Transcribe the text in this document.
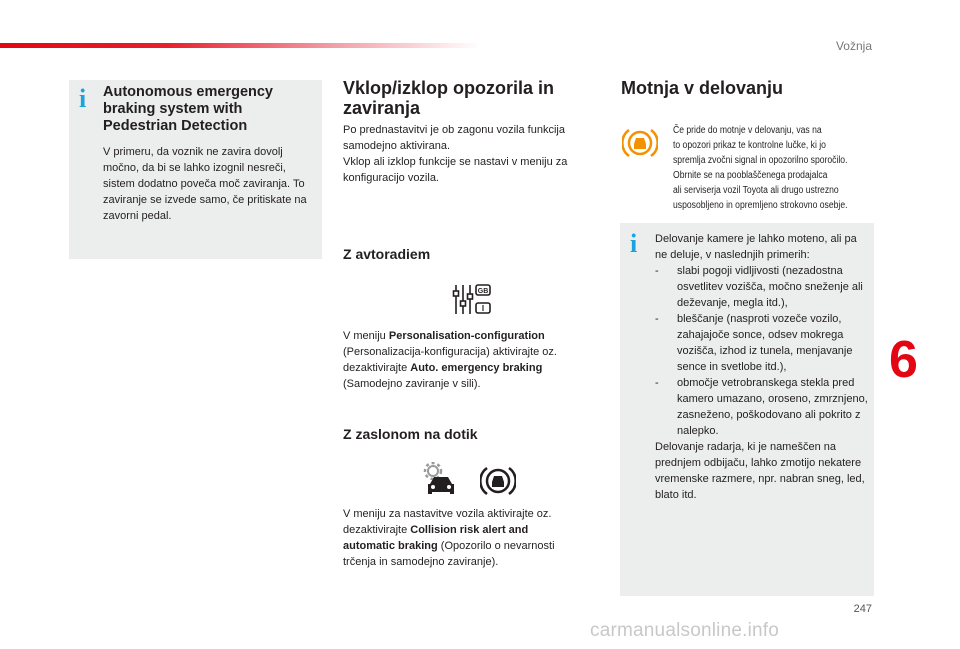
Vožnja
6
247
carmanualsonline.info
i Autonomous emergency
braking system with
Pedestrian Detection

V primeru, da voznik ne zavira dovolj močno, da bi se lahko izognil nesreči, sistem dodatno poveča moč zaviranja. To zaviranje se izvede samo, če pritiskate na zavorni pedal.

Vklop/izklop opozorila in
zaviranja

Po prednastavitvi je ob zagonu vozila funkcija samodejno aktivirana.
Vklop ali izklop funkcije se nastavi v meniju za konfiguracijo vozila.

Z avtoradiem
GB
I

V meniju Personalisation-configuration (Personalizacija-konfiguracija) aktivirajte oz. dezaktivirajte Auto. emergency braking (Samodejno zaviranje v sili).

Z zaslonom na dotik

V meniju za nastavitve vozila aktivirajte oz. dezaktivirajte Collision risk alert and automatic braking (Opozorilo o nevarnosti trčenja in samodejno zaviranje).

Motnja v delovanju
Če pride do motnje v delovanju, vas na
to opozori prikaz te kontrolne lučke, ki jo
spremlja zvočni signal in opozorilno sporočilo.
Obrnite se na pooblaščenega prodajalca
ali serviserja vozil Toyota ali drugo ustrezno
usposobljeno in opremljeno strokovno osebje.
i Delovanje kamere je lahko moteno, ali pa ne deluje, v naslednjih primerih:
-	slabi pogoji vidljivosti (nezadostna osvetlitev vozišča, močno sneženje ali deževanje, megla itd.),
-	bleščanje (nasproti vozeče vozilo, zahajajoče sonce, odsev mokrega vozišča, izhod iz tunela, menjavanje sence in svetlobe itd.),
-	območje vetrobranskega stekla pred kamero umazano, oroseno, zmrznjeno, zasneženo, poškodovano ali pokrito z nalepko.
Delovanje radarja, ki je nameščen na prednjem odbijaču, lahko zmotijo nekatere vremenske razmere, npr. nabran sneg, led, blato itd.
